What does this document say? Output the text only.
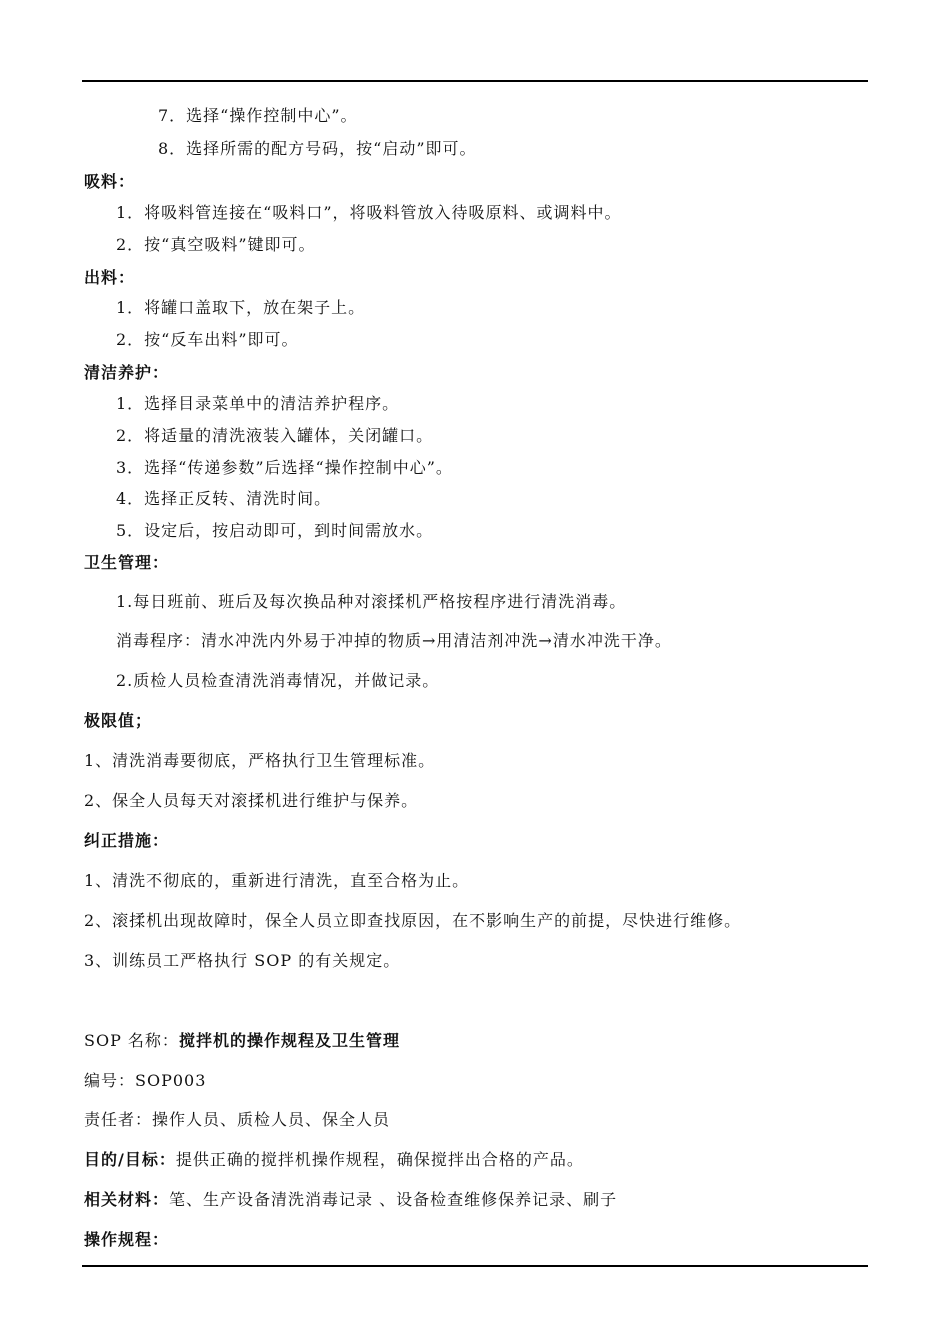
7．选择“操作控制中心”。
8．选择所需的配方号码，按“启动”即可。
吸料：
1．将吸料管连接在“吸料口”，将吸料管放入待吸原料、或调料中。
2．按“真空吸料”键即可。
出料：
1．将罐口盖取下，放在架子上。
2．按“反车出料”即可。
清洁养护：
1．选择目录菜单中的清洁养护程序。
2．将适量的清洗液装入罐体，关闭罐口。
3．选择“传递参数”后选择“操作控制中心”。
4．选择正反转、清洗时间。
5．设定后，按启动即可，到时间需放水。
卫生管理：
1.每日班前、班后及每次换品种对滚揉机严格按程序进行清洗消毒。
消毒程序：清水冲洗内外易于冲掉的物质→用清洁剂冲洗→清水冲洗干净。
2.质检人员检查清洗消毒情况，并做记录。
极限值；
1、清洗消毒要彻底，严格执行卫生管理标准。
2、保全人员每天对滚揉机进行维护与保养。
纠正措施：
1、清洗不彻底的，重新进行清洗，直至合格为止。
2、滚揉机出现故障时，保全人员立即查找原因，在不影响生产的前提，尽快进行维修。
3、训练员工严格执行 SOP 的有关规定。
SOP 名称：搅拌机的操作规程及卫生管理
编号：SOP003
责任者：操作人员、质检人员、保全人员
目的/目标：提供正确的搅拌机操作规程，确保搅拌出合格的产品。
相关材料：笔、生产设备清洗消毒记录 、设备检查维修保养记录、刷子
操作规程：
